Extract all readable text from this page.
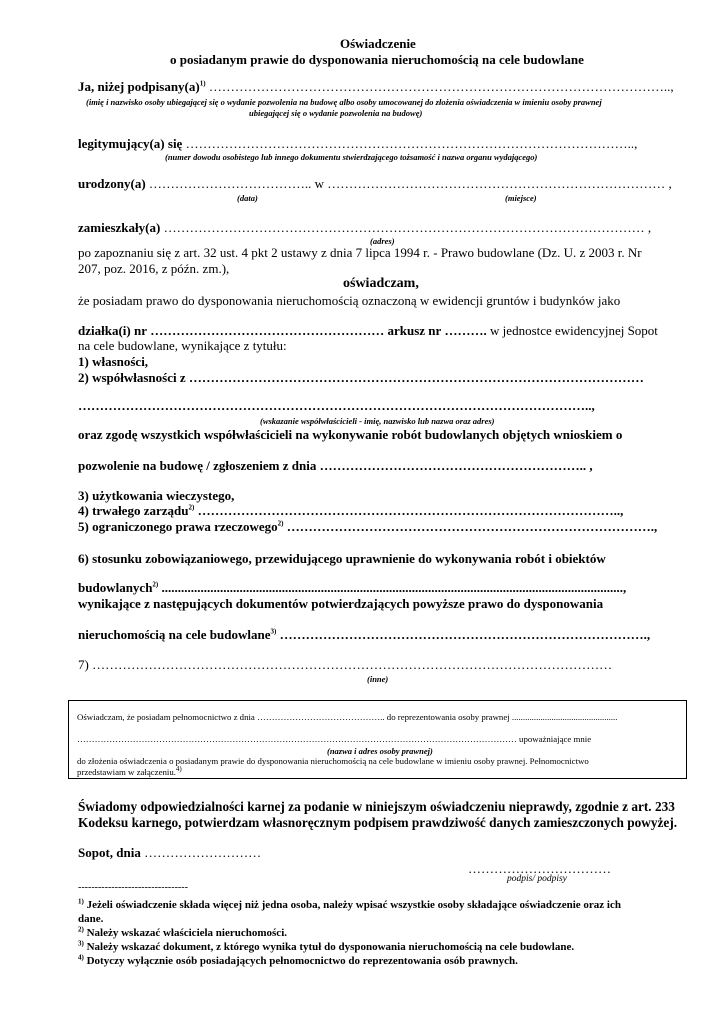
Oświadczenie
o posiadanym prawie do dysponowania nieruchomością na cele budowlane
Ja, niżej $podpisany(a)^{1)}$ ……………………………………………………………………………………………..,
(imię i nazwisko osoby ubiegającej się o wydanie pozwolenia na budowę albo osoby umocowanej do złożenia oświadczenia w imieniu osoby prawnej
ubiegającej się o wydanie pozwolenia na budowę)
legitymujący(a) się …………………………………………………………………………………………..,
(numer dowodu osobistego lub innego dokumentu stwierdzającego tożsamość i nazwa organu wydającego)
urodzony(a) ……………………………….. w …………………………………………………………………… ,
(data)	(miejsce)
zamieszkały(a) ………………………………………………………………………………………………… ,
(adres)
po zapoznaniu się z art. 32 ust. 4 pkt 2 ustawy z dnia 7 lipca 1994 r. - Prawo budowlane (Dz. U. z 2003 r. Nr
207, poz. 2016, z późn. zm.),
oświadczam,
że posiadam prawo do dysponowania nieruchomością oznaczoną w ewidencji gruntów i budynków jako
działka(i) nr ……………………………………………… arkusz nr ………. w jednostce ewidencyjnej Sopot
na cele budowlane, wynikające z tytułu:
1) własności,
2) współwłasności z ……………………………………………………………………………………………
………………………………………………………………………………………………………..,
(wskazanie współwłaścicieli - imię, nazwisko lub nazwa oraz adres)
oraz zgodę wszystkich współwłaścicieli na wykonywanie robót budowlanych objętych wnioskiem o
pozwolenie na budowę / zgłoszeniem z dnia …………………………………………………….. ,
3) użytkowania wieczystego,
4) trwałego zarządu$^{2)}$ ……………………………………………………………………………………..,
5) ograniczonego prawa rzeczowego$^{2)}$ ………………………………………………………………………….,
6) stosunku zobowiązaniowego, przewidującego uprawnienie do wykonywania robót i obiektów
budowlanych$^{2)}$ ..............................................................................................................................................,
wynikające z następujących dokumentów potwierdzających powyższe prawo do dysponowania
nieruchomością na cele budowlane$^{3)}$ ………………………………………………………………………….,
7) …………………………………………………………………………………………………………
(inne)
Oświadczam, że posiadam pełnomocnictwo z dnia …………………………………….. do reprezentowania osoby prawnej ................................................
…………………………………………………………………………………………………………………………………… upoważniające mnie
(nazwa i adres osoby prawnej)
do złożenia oświadczenia o posiadanym prawie do dysponowania nieruchomością na cele budowlane w imieniu osoby prawnej. Pełnomocnictwo
przedstawiam w załączeniu.$^{4)}$
Świadomy odpowiedzialności karnej za podanie w niniejszym oświadczeniu nieprawdy, zgodnie z art. 233
Kodeksu karnego, potwierdzam własnoręcznym podpisem prawdziwość danych zamieszczonych powyżej.
Sopot, dnia ………………………
……………………………
podpis/ podpisy
---------------------------------
$^{1)}$ Jeżeli oświadczenie składa więcej niż jedna osoba, należy wpisać wszystkie osoby składające oświadczenie oraz ich
dane.
$^{2)}$ Należy wskazać właściciela nieruchomości.
$^{3)}$ Należy wskazać dokument, z którego wynika tytuł do dysponowania nieruchomością na cele budowlane.
$^{4)}$ Dotyczy wyłącznie osób posiadających pełnomocnictwo do reprezentowania osób prawnych.
